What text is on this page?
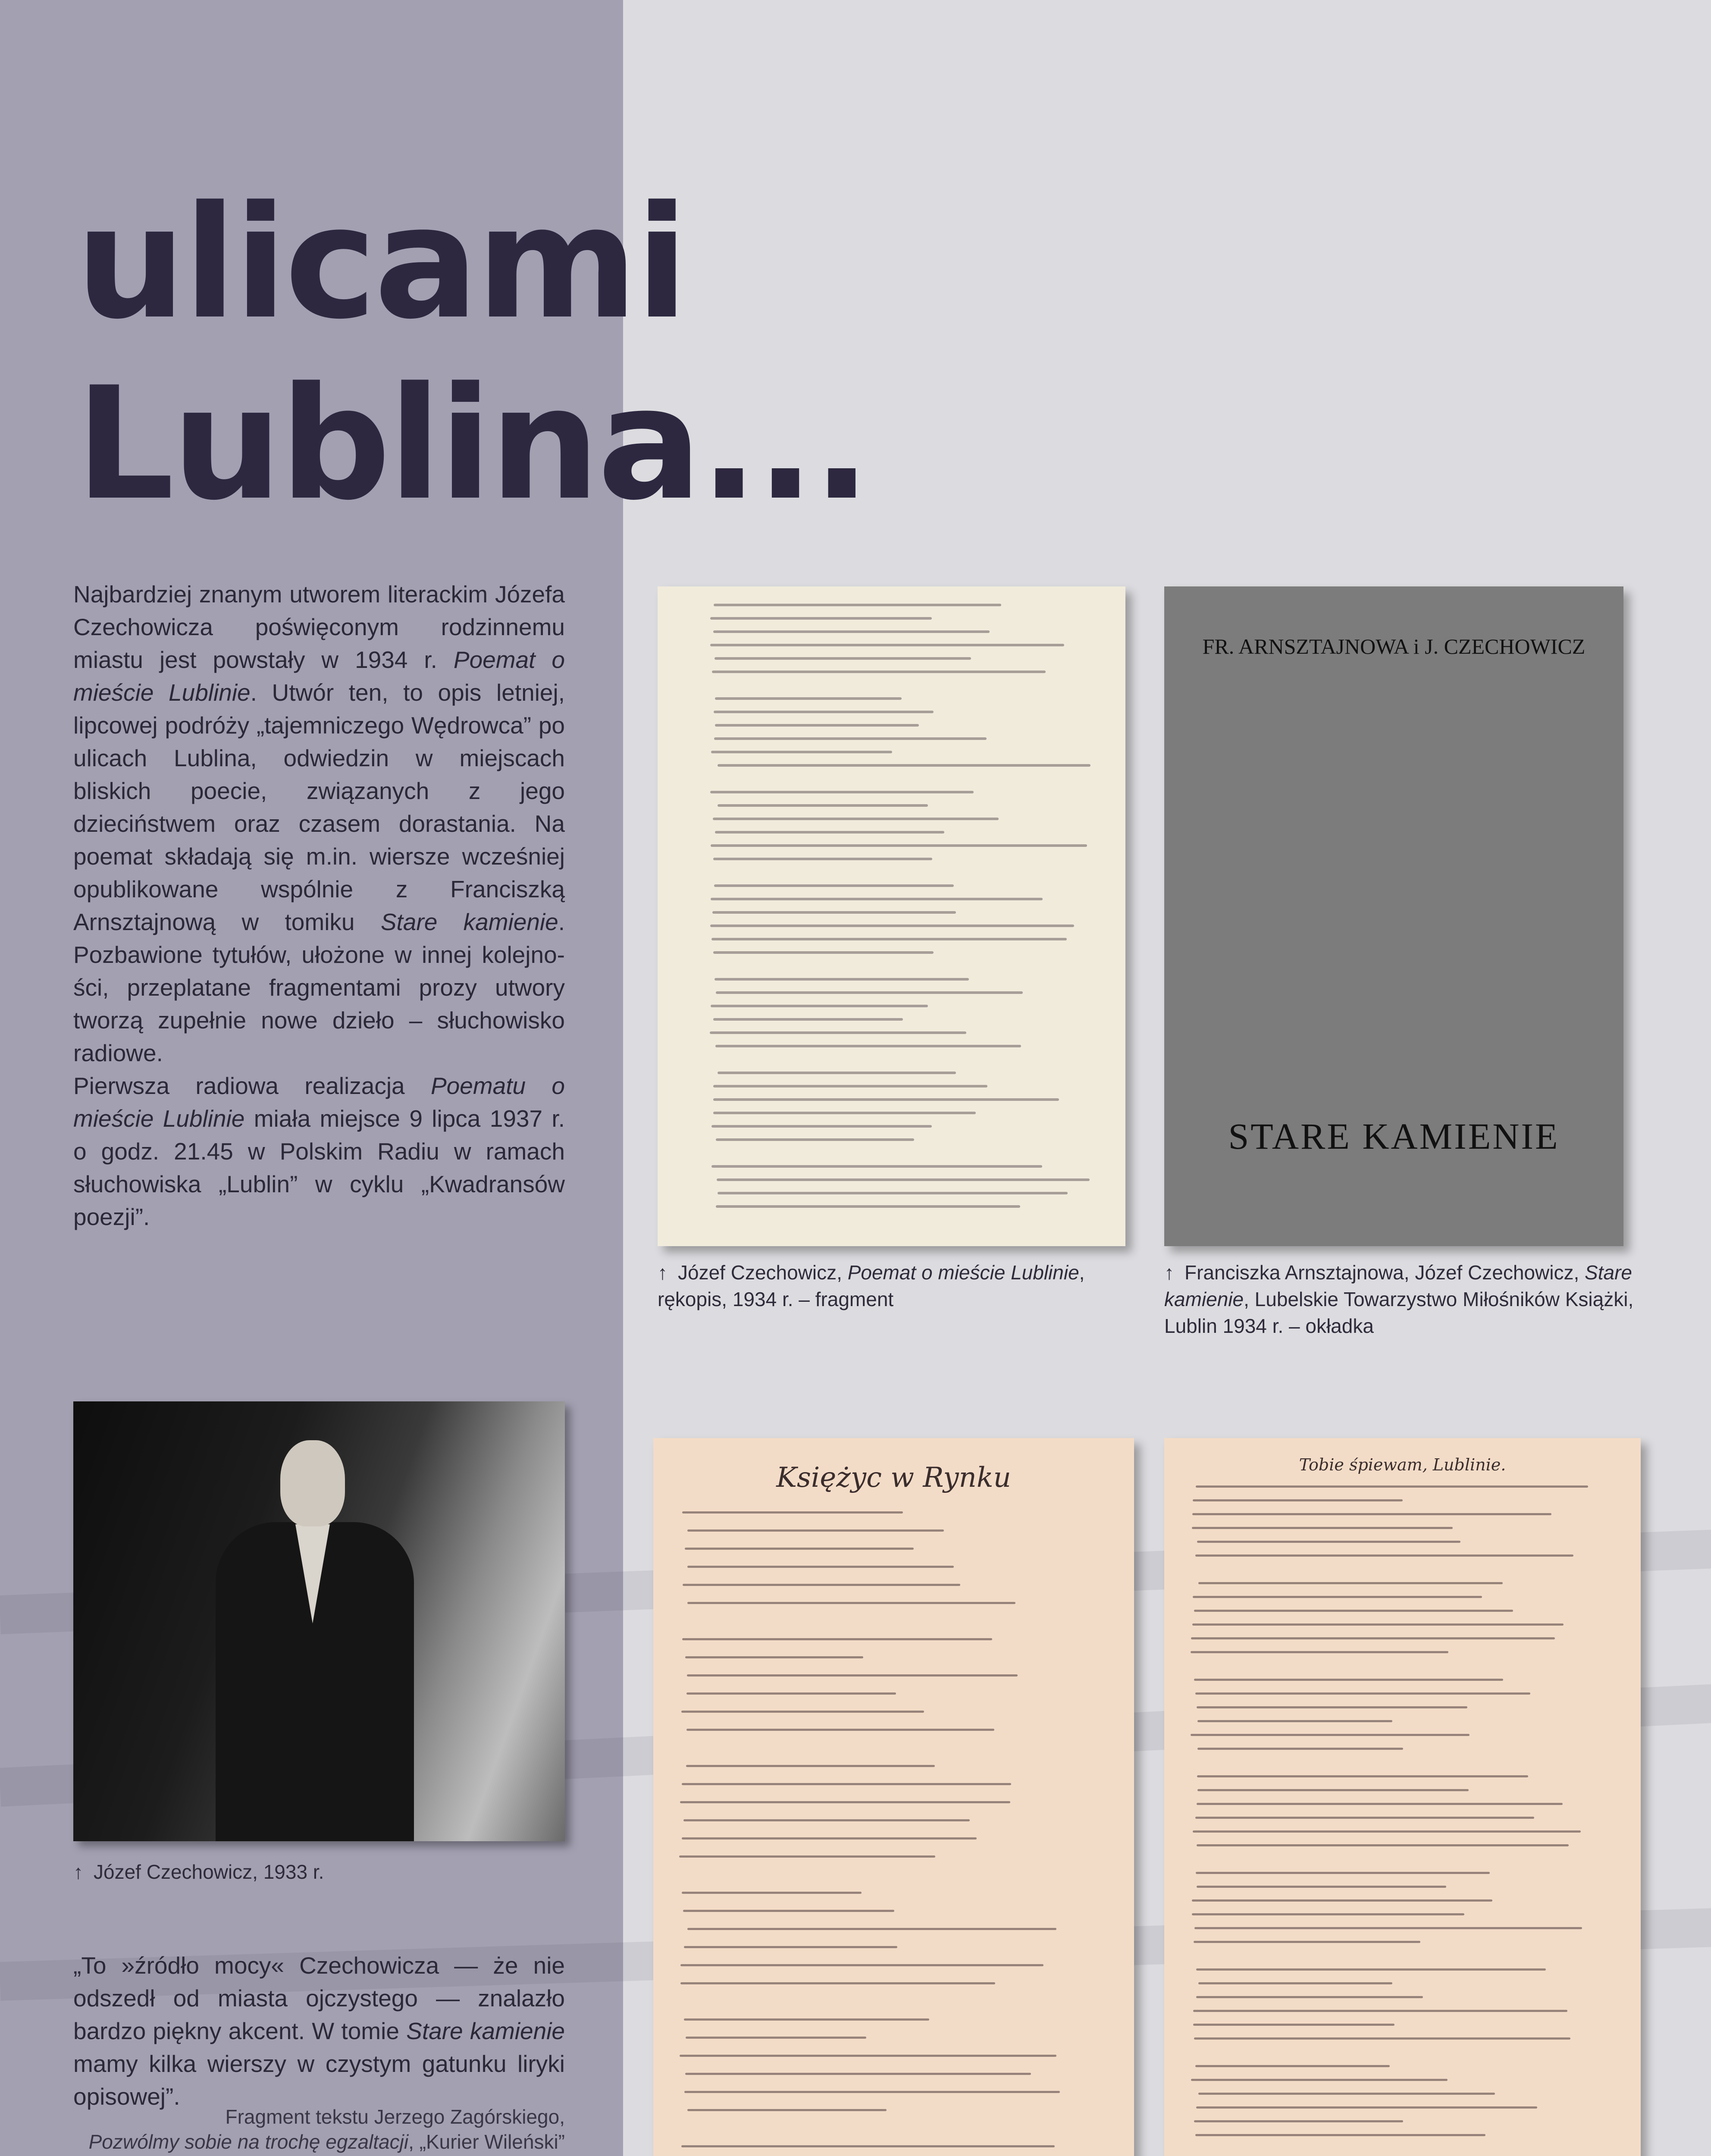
ulicami
Lublina...

Najbardziej znanym utworem literackim Józefa Czechowicza poświęconym rodzinnemu miastu jest powstały w 1934 r. Poemat o mieście Lublinie. Utwór ten, to opis letniej, lipcowej podróży „tajemniczego Wędrowca” po ulicach Lublina, odwiedzin w miejscach bliskich poecie, związanych z jego dzieciństwem oraz czasem dorastania. Na poemat składają się m.in. wiersze wcześniej opublikowane wspólnie z Franciszką Arnsztajnową w tomiku Stare kamienie. Pozbawione tytułów, ułożone w innej kolejności, przeplatane fragmentami prozy utwory tworzą zupełnie nowe dzieło – słuchowisko radiowe.
Pierwsza radiowa realizacja Poematu o mieście Lublinie miała miejsce 9 lipca 1937 r. o godz. 21.45 w Polskim Radiu w ramach słuchowiska „Lublin” w cyklu „Kwadransów poezji”.

↑ Józef Czechowicz, 1933 r.

„To »źródło mocy« Czechowicza — że nie odszedł od miasta ojczystego — znalazło bardzo piękny akcent. W tomie Stare kamienie mamy kilka wierszy w czystym gatunku liryki opisowej”.

Fragment tekstu Jerzego Zagórskiego,
Pozwólmy sobie na trochę egzaltacji, „Kurier Wileński”

↑ Józef Czechowicz, Poemat o mieście Lublinie, rękopis, 1934 r. – fragment

FR. ARNSZTAJNOWA i J. CZECHOWICZ
STARE KAMIENIE

↑ Franciszka Arnsztajnowa, Józef Czechowicz, Stare kamienie, Lubelskie Towarzystwo Miłośników Książki, Lublin 1934 r. – okładka

Księżyc w Rynku	Tobie śpiewam, Lublinie.
